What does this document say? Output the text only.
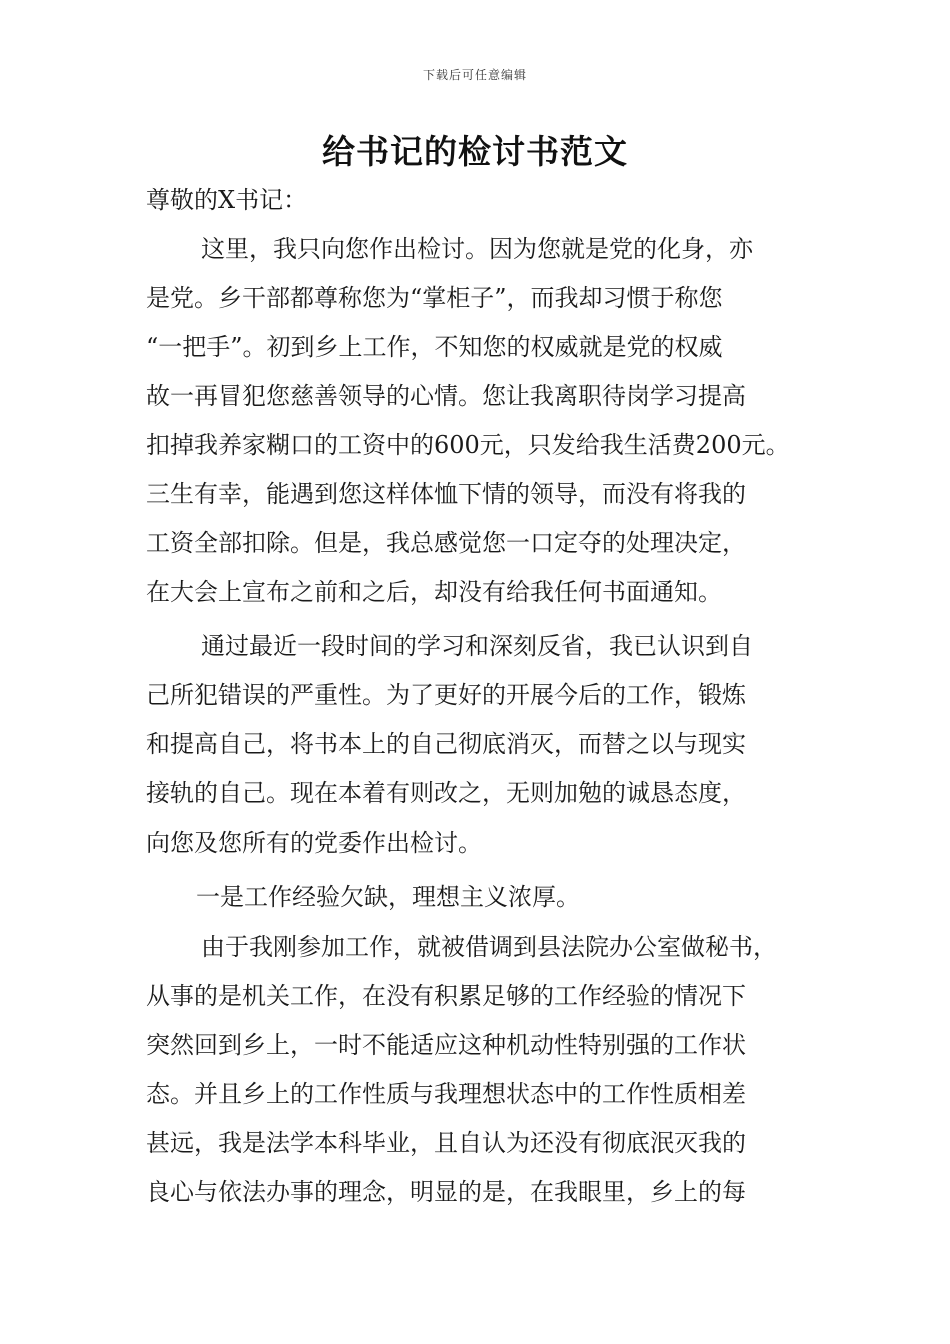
下载后可任意编辑
给书记的检讨书范文
尊敬的X书记：
这里，我只向您作出检讨。因为您就是党的化身，亦
是党。乡干部都尊称您为“掌柜子”，而我却习惯于称您
“一把手”。初到乡上工作，不知您的权威就是党的权威
故一再冒犯您慈善领导的心情。您让我离职待岗学习提高
扣掉我养家糊口的工资中的600元，只发给我生活费200元。
三生有幸，能遇到您这样体恤下情的领导，而没有将我的
工资全部扣除。但是，我总感觉您一口定夺的处理决定，
在大会上宣布之前和之后，却没有给我任何书面通知。
通过最近一段时间的学习和深刻反省，我已认识到自
己所犯错误的严重性。为了更好的开展今后的工作，锻炼
和提高自己，将书本上的自己彻底消灭，而替之以与现实
接轨的自己。现在本着有则改之，无则加勉的诚恳态度，
向您及您所有的党委作出检讨。
一是工作经验欠缺，理想主义浓厚。
由于我刚参加工作，就被借调到县法院办公室做秘书，
从事的是机关工作，在没有积累足够的工作经验的情况下
突然回到乡上，一时不能适应这种机动性特别强的工作状
态。并且乡上的工作性质与我理想状态中的工作性质相差
甚远，我是法学本科毕业，且自认为还没有彻底泯灭我的
良心与依法办事的理念，明显的是，在我眼里，乡上的每
